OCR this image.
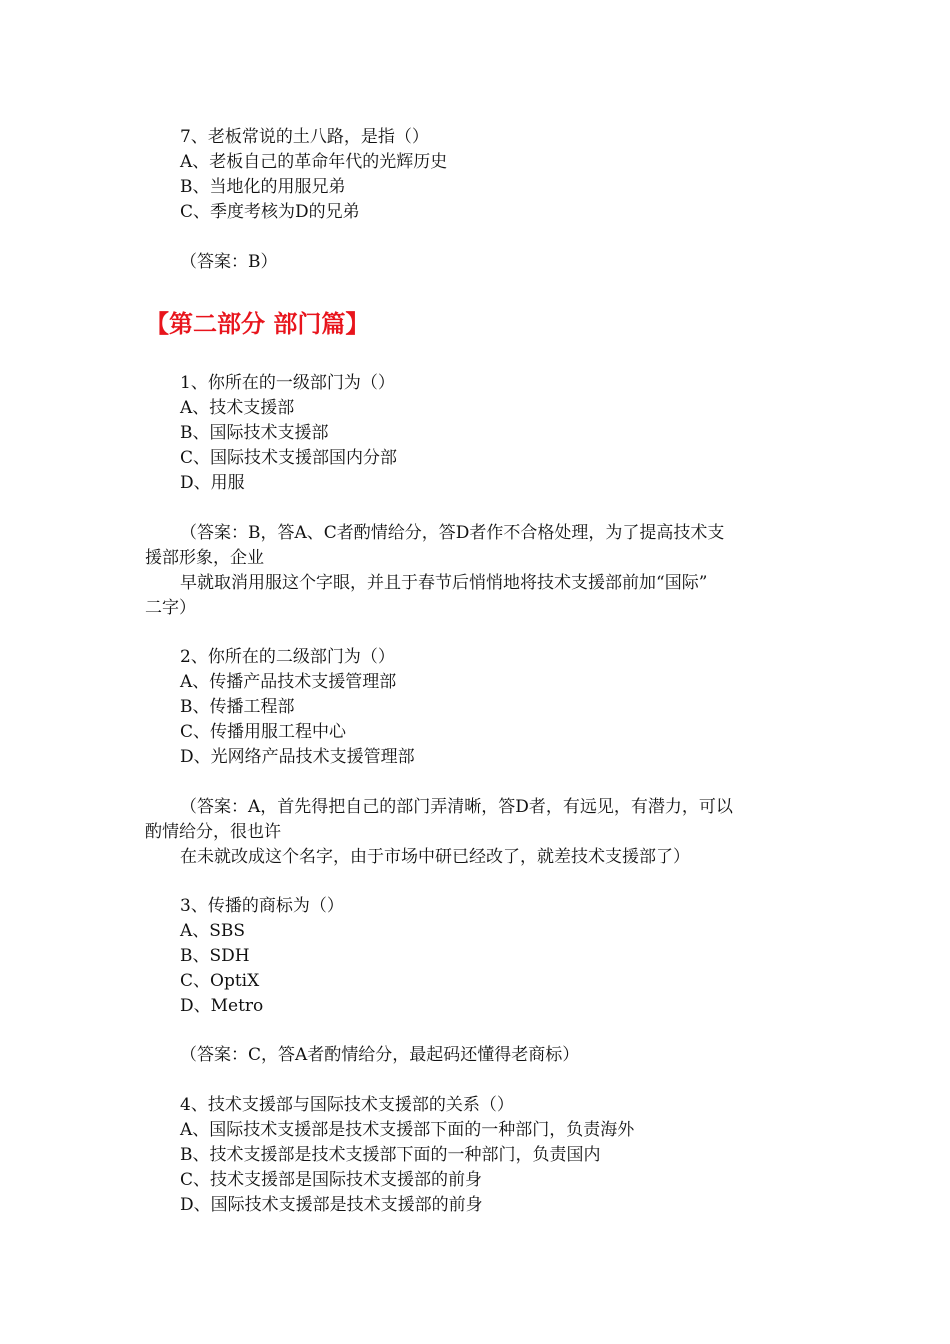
7、老板常说的土八路，是指（）
A、老板自己的革命年代的光辉历史
B、当地化的用服兄弟
C、季度考核为D的兄弟
（答案：B）
【第二部分 部门篇】
1、你所在的一级部门为（）
A、技术支援部
B、国际技术支援部
C、国际技术支援部国内分部
D、用服
（答案：B，答A、C者酌情给分，答D者作不合格处理，为了提高技术支
援部形象，企业
早就取消用服这个字眼，并且于春节后悄悄地将技术支援部前加“国际”
二字）
2、你所在的二级部门为（）
A、传播产品技术支援管理部
B、传播工程部
C、传播用服工程中心
D、光网络产品技术支援管理部
（答案：A，首先得把自己的部门弄清晰，答D者，有远见，有潜力，可以
酌情给分，很也许
在未就改成这个名字，由于市场中研已经改了，就差技术支援部了）
3、传播的商标为（）
A、SBS
B、SDH
C、OptiX
D、Metro
（答案：C，答A者酌情给分，最起码还懂得老商标）
4、技术支援部与国际技术支援部的关系（）
A、国际技术支援部是技术支援部下面的一种部门，负责海外
B、技术支援部是技术支援部下面的一种部门，负责国内
C、技术支援部是国际技术支援部的前身
D、国际技术支援部是技术支援部的前身
